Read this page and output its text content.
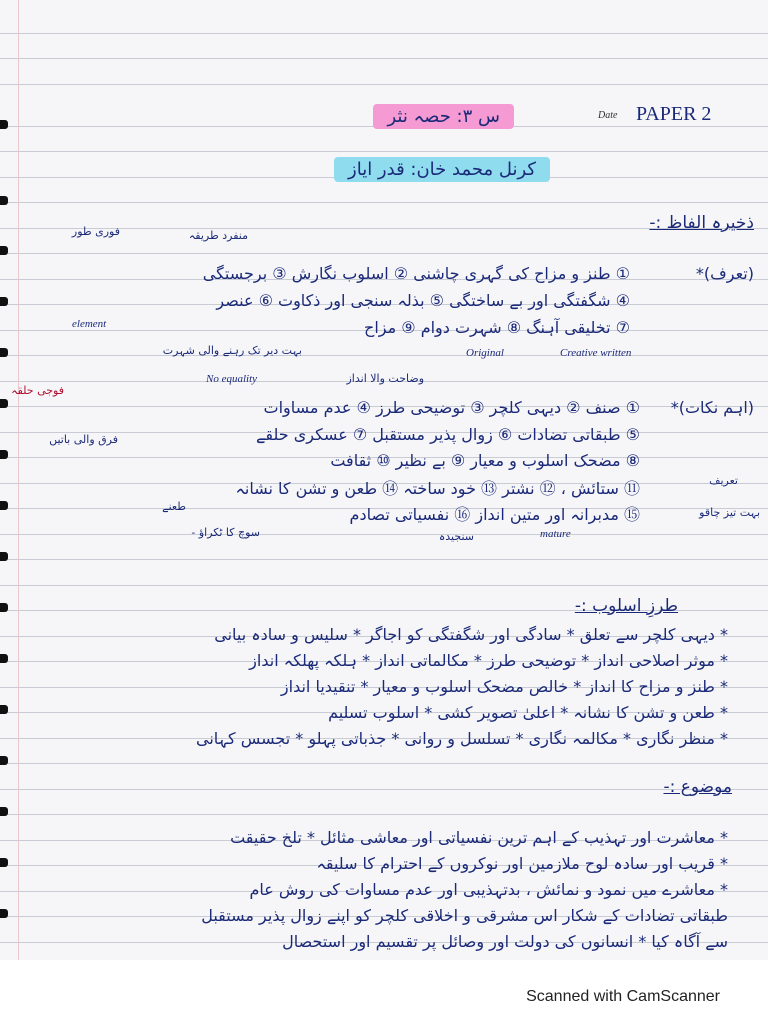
Date PAPER 2
س ۳: حصہ نثر
کرنل محمد خان: قدر ایاز
ذخیرہ الفاظ :-
فوری طور	منفرد طریقہ
(تعرف)*
① طنز و مزاح کی گہری چاشنی ② اسلوب نگارش ③ برجستگی
④ شگفتگی اور بے ساختگی ⑤ بذلہ سنجی اور ذکاوت ⑥ عنصر
⑦ تخلیقی آہنگ ⑧ شہرت دوام ⑨ مزاح
element
بہت دیر تک رہنے والی شہرت	Original	Creative written
No equality	وضاحت والا انداز
فوجی حلقہ
(اہم نکات)*
① صنف ② دیہی کلچر ③ توضیحی طرز ④ عدم مساوات
⑤ طبقاتی تضادات ⑥ زوال پذیر مستقبل ⑦ عسکری حلقے
فرق والی باتیں
⑧ مضحک اسلوب و معیار ⑨ بے نظیر ⑩ ثقافت
تعریف
⑪ ستائش ، ⑫ نشتر ⑬ خود ساختہ ⑭ طعن و تشن کا نشانہ
⑮ مدبرانہ اور متین انداز ⑯ نفسیاتی تصادم	بہت تیز چاقو
طعنے
سوچ کا ٹکراؤ -	سنجیدہ	mature
طرزِ اسلوب :-
* دیہی کلچر سے تعلق * سادگی اور شگفتگی کو اجاگر * سلیس و سادہ بیانی
* موثر اصلاحی انداز * توضیحی طرز * مکالماتی انداز * ہلکہ پھلکہ انداز
* طنز و مزاح کا انداز * خالص مضحک اسلوب و معیار * تنقیدیا انداز
* طعن و تشن کا نشانہ * اعلیٰ تصویر کشی * اسلوب تسلیم
* منظر نگاری * مکالمہ نگاری * تسلسل و روانی * جذباتی پہلو * تجسس کہانی
موضوع :-
* معاشرت اور تہذیب کے اہم ترین نفسیاتی اور معاشی مثائل * تلخ حقیقت
* قریب اور سادہ لوح ملازمین اور نوکروں کے احترام کا سلیقہ
* معاشرے میں نمود و نمائش ، بدتہذیبی اور عدم مساوات کی روش عام
طبقاتی تضادات کے شکار اس مشرقی و اخلاقی کلچر کو اپنے زوال پذیر مستقبل
سے آگاہ کیا * انسانوں کی دولت اور وصائل پر تقسیم اور استحصال
Scanned with CamScanner
